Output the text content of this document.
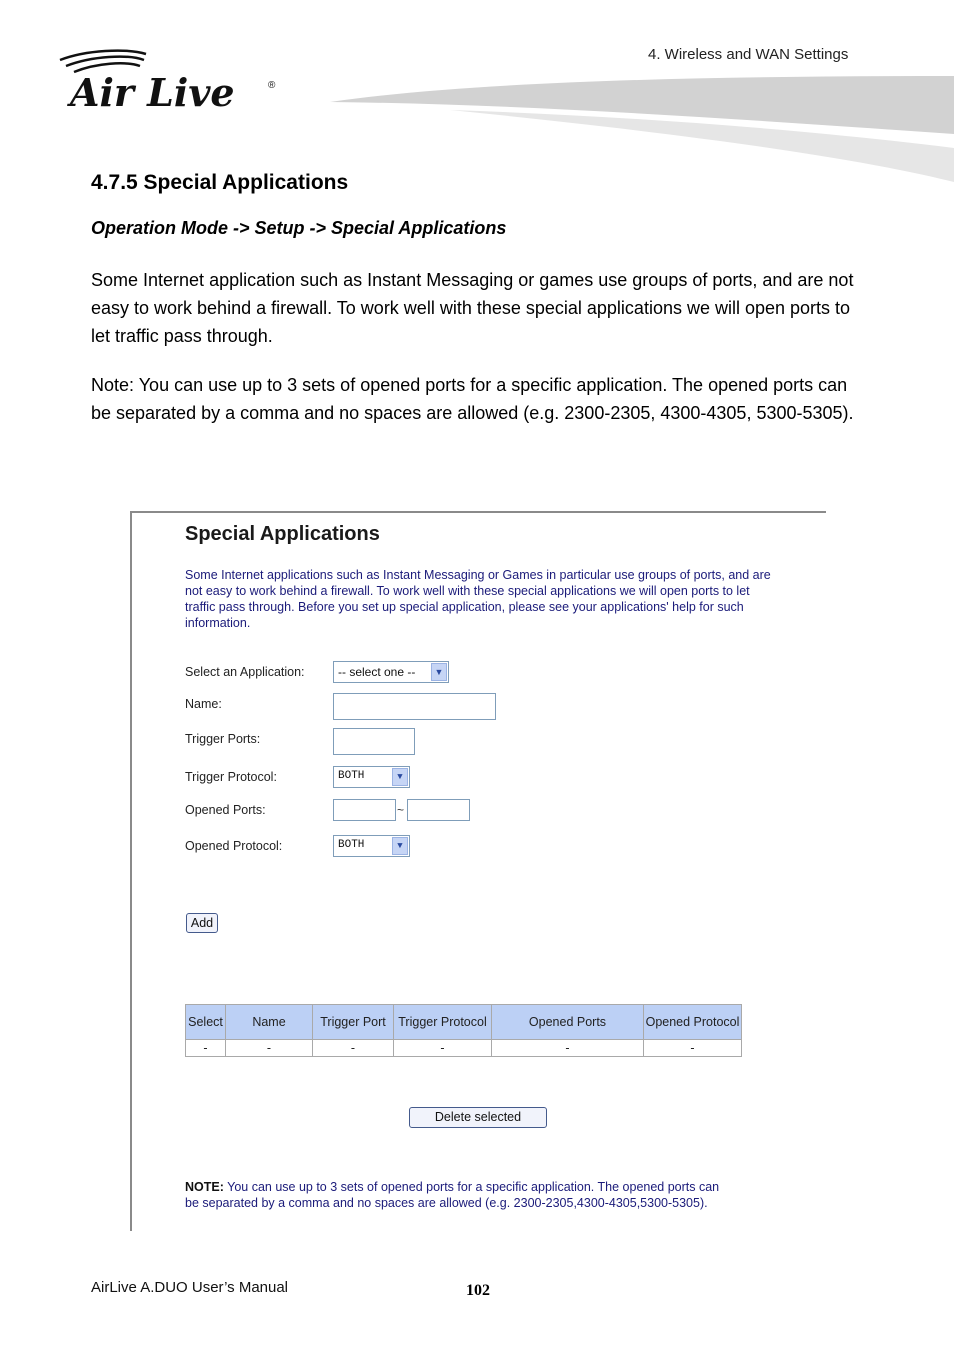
4. Wireless and WAN Settings
Air Live	®
4.7.5 Special Applications

Operation Mode -> Setup -> Special Applications

Some Internet application such as Instant Messaging or games use groups of ports, and are not easy to work behind a firewall. To work well with these special applications we will open ports to let traffic pass through.

Note: You can use up to 3 sets of opened ports for a specific application. The opened ports can be separated by a comma and no spaces are allowed (e.g. 2300-2305, 4300-4305, 5300-5305).

Special Applications

Some Internet applications such as Instant Messaging or Games in particular use groups of ports, and are not easy to work behind a firewall. To work well with these special applications we will open ports to let traffic pass through. Before you set up special application, please see your applications' help for such information.

Select an Application:	-- select one --	▼
Name:
Trigger Ports:
Trigger Protocol:	BOTH	▼
Opened Ports:	~
Opened Protocol:	BOTH	▼
Add
Select	Name	Trigger Port	Trigger Protocol	Opened Ports	Opened Protocol
-	-	-	-	-	-
Delete selected

NOTE: You can use up to 3 sets of opened ports for a specific application. The opened ports can be separated by a comma and no spaces are allowed (e.g. 2300-2305,4300-4305,5300-5305).

AirLive A.DUO User’s Manual	102
